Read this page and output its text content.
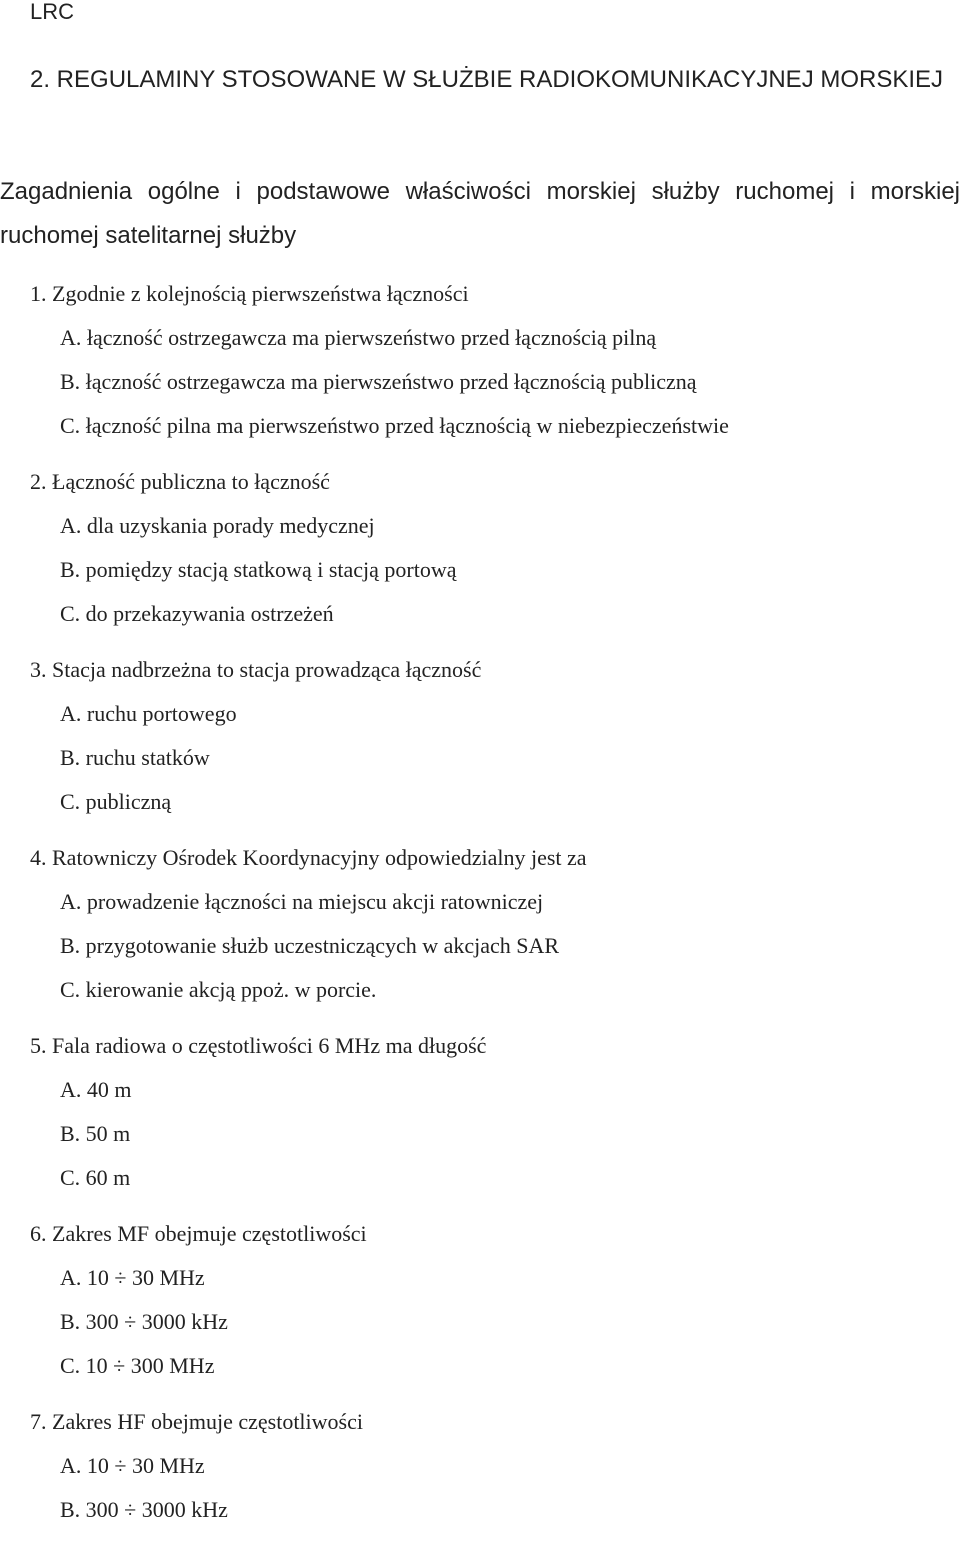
LRC
2. REGULAMINY STOSOWANE W SŁUŻBIE RADIOKOMUNIKACYJNEJ MORSKIEJ
Zagadnienia ogólne i podstawowe właściwości morskiej służby ruchomej i morskiej ruchomej satelitarnej służby
1. Zgodnie z kolejnością pierwszeństwa łączności
A. łączność ostrzegawcza ma pierwszeństwo przed łącznością pilną
B. łączność ostrzegawcza ma pierwszeństwo przed łącznością publiczną
C. łączność pilna ma pierwszeństwo przed łącznością w niebezpieczeństwie
2. Łączność publiczna to łączność
A. dla uzyskania porady medycznej
B. pomiędzy stacją statkową i stacją portową
C. do przekazywania ostrzeżeń
3. Stacja nadbrzeżna to stacja prowadząca łączność
A. ruchu portowego
B. ruchu statków
C. publiczną
4. Ratowniczy Ośrodek Koordynacyjny odpowiedzialny jest za
A. prowadzenie łączności na miejscu akcji ratowniczej
B. przygotowanie służb uczestniczących w akcjach SAR
C. kierowanie akcją ppoż. w porcie.
5. Fala radiowa o częstotliwości 6 MHz ma długość
A. 40 m
B. 50 m
C. 60 m
6. Zakres MF obejmuje częstotliwości
A. 10 ÷ 30 MHz
B. 300 ÷ 3000 kHz
C. 10 ÷ 300 MHz
7. Zakres HF obejmuje częstotliwości
A. 10 ÷ 30 MHz
B. 300 ÷ 3000 kHz
